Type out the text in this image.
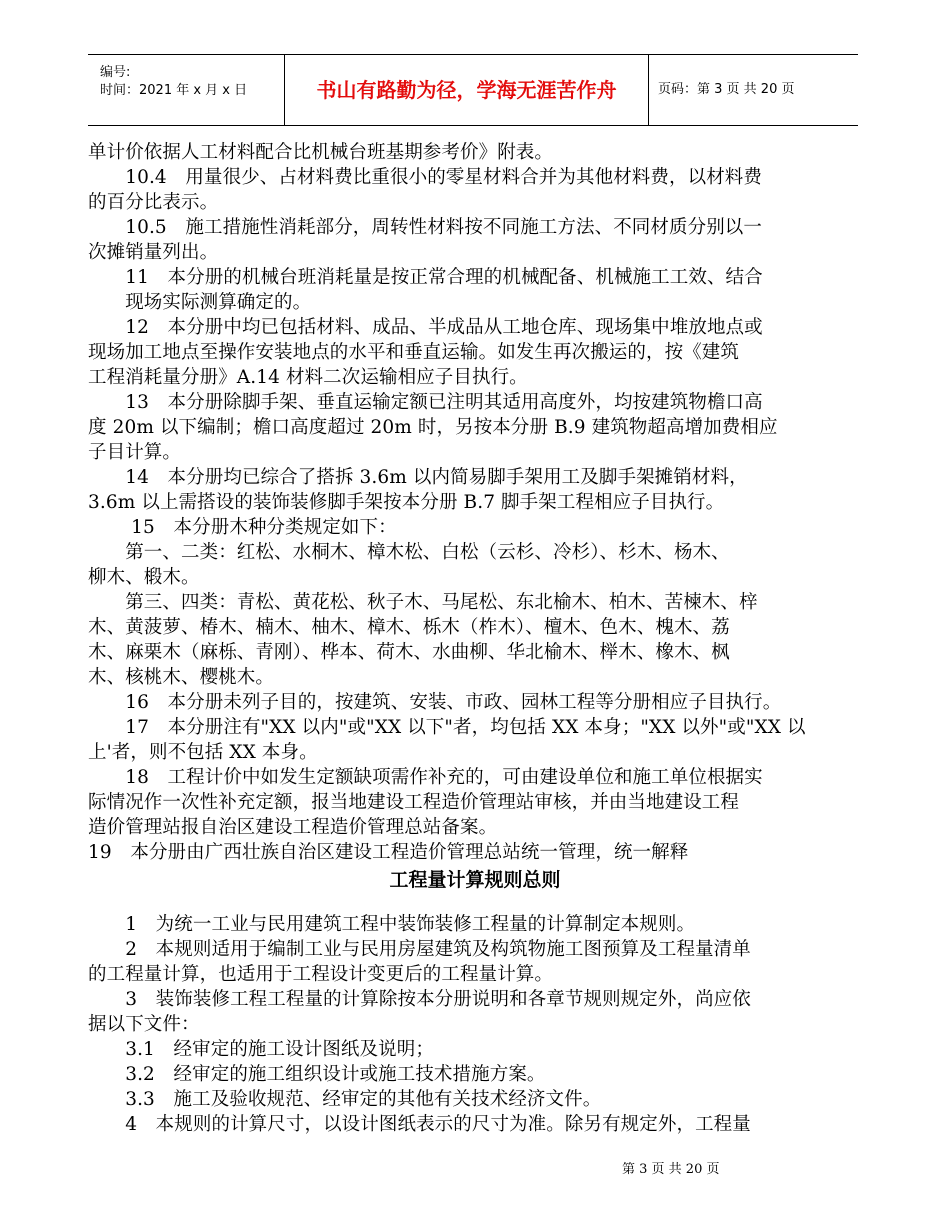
编号:
时间：2021 年 x 月 x 日	书山有路勤为径，学海无涯苦作舟	页码：第 3 页 共 20 页

单计价依据人工材料配合比机械台班基期参考价》附表。

　　10.4　用量很少、占材料费比重很小的零星材料合并为其他材料费，以材料费

的百分比表示。

　　10.5　施工措施性消耗部分，周转性材料按不同施工方法、不同材质分别以一

次摊销量列出。

　　11　本分册的机械台班消耗量是按正常合理的机械配备、机械施工工效、结合

　　现场实际测算确定的。

　　12　本分册中均已包括材料、成品、半成品从工地仓库、现场集中堆放地点或

现场加工地点至操作安装地点的水平和垂直运输。如发生再次搬运的，按《建筑

工程消耗量分册》A.14 材料二次运输相应子目执行。

　　13　本分册除脚手架、垂直运输定额已注明其适用高度外，均按建筑物檐口高

度 20m 以下编制；檐口高度超过 20m 时，另按本分册 B.9 建筑物超高增加费相应

子目计算。

　　14　本分册均已综合了搭拆 3.6m 以内简易脚手架用工及脚手架摊销材料，

3.6m 以上需搭设的装饰装修脚手架按本分册 B.7 脚手架工程相应子目执行。

　　 15　本分册木种分类规定如下：

　　第一、二类：红松、水桐木、樟木松、白松（云杉、冷杉）、杉木、杨木、

柳木、椴木。

　　第三、四类：青松、黄花松、秋子木、马尾松、东北榆木、柏木、苦楝木、梓

木、黄菠萝、椿木、楠木、柚木、樟木、栎木（柞木）、檀木、色木、槐木、荔

木、麻栗木（麻栎、青刚）、桦本、荷木、水曲柳、华北榆木、榉木、橡木、枫

木、核桃木、樱桃木。

　　16　本分册未列子目的，按建筑、安装、市政、园林工程等分册相应子目执行。

　　17　本分册注有"XX 以内"或"XX 以下"者，均包括 XX 本身；"XX 以外"或"XX 以

上'者，则不包括 XX 本身。

　　18　工程计价中如发生定额缺项需作补充的，可由建设单位和施工单位根据实

际情况作一次性补充定额，报当地建设工程造价管理站审核，并由当地建设工程

造价管理站报自治区建设工程造价管理总站备案。

19　本分册由广西壮族自治区建设工程造价管理总站统一管理，统一解释

工程量计算规则总则

　　1　为统一工业与民用建筑工程中装饰装修工程量的计算制定本规则。

　　2　本规则适用于编制工业与民用房屋建筑及构筑物施工图预算及工程量清单

的工程量计算，也适用于工程设计变更后的工程量计算。

　　3　装饰装修工程工程量的计算除按本分册说明和各章节规则规定外，尚应依

据以下文件：

　　3.1　经审定的施工设计图纸及说明；

　　3.2　经审定的施工组织设计或施工技术措施方案。

　　3.3　施工及验收规范、经审定的其他有关技术经济文件。

　　4　本规则的计算尺寸，以设计图纸表示的尺寸为准。除另有规定外，工程量

第 3 页 共 20 页
